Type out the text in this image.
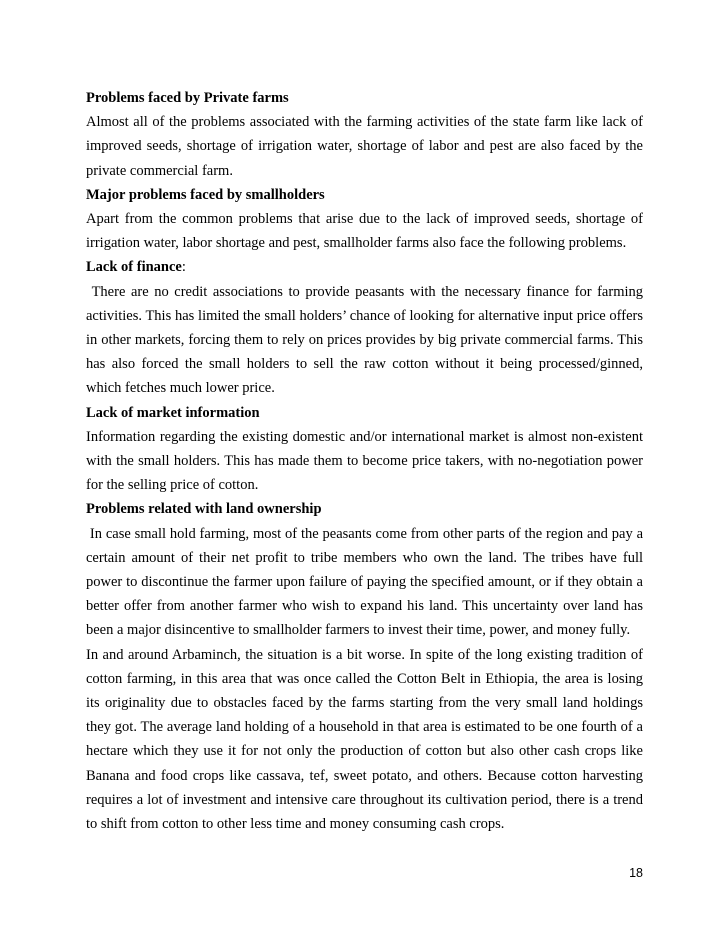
Problems faced by Private farms

Almost all of the problems associated with the farming activities of the state farm like lack of improved seeds, shortage of irrigation water, shortage of labor and pest are also faced by the private commercial farm.

Major problems faced by smallholders

Apart from the common problems that arise due to the lack of improved seeds, shortage of irrigation water, labor shortage and pest, smallholder farms also face the following problems.

Lack of finance:

There are no credit associations to provide peasants with the necessary finance for farming activities. This has limited the small holders’ chance of looking for alternative input price offers in other markets, forcing them to rely on prices provides by big private commercial farms. This has also forced the small holders to sell the raw cotton without it being processed/ginned, which fetches much lower price.

Lack of market information

Information regarding the existing domestic and/or international market is almost non-existent with the small holders. This has made them to become price takers, with no-negotiation power for the selling price of cotton.

Problems related with land ownership

In case small hold farming, most of the peasants come from other parts of the region and pay a certain amount of their net profit to tribe members who own the land. The tribes have full power to discontinue the farmer upon failure of paying the specified amount, or if they obtain a better offer from another farmer who wish to expand his land. This uncertainty over land has been a major disincentive to smallholder farmers to invest their time, power, and money fully.

In and around Arbaminch, the situation is a bit worse. In spite of the long existing tradition of cotton farming, in this area that was once called the Cotton Belt in Ethiopia, the area is losing its originality due to obstacles faced by the farms starting from the very small land holdings they got. The average land holding of a household in that area is estimated to be one fourth of a hectare which they use it for not only the production of cotton but also other cash crops like Banana and food crops like cassava, tef, sweet potato, and others. Because cotton harvesting requires a lot of investment and intensive care throughout its cultivation period, there is a trend to shift from cotton to other less time and money consuming cash crops.

18
